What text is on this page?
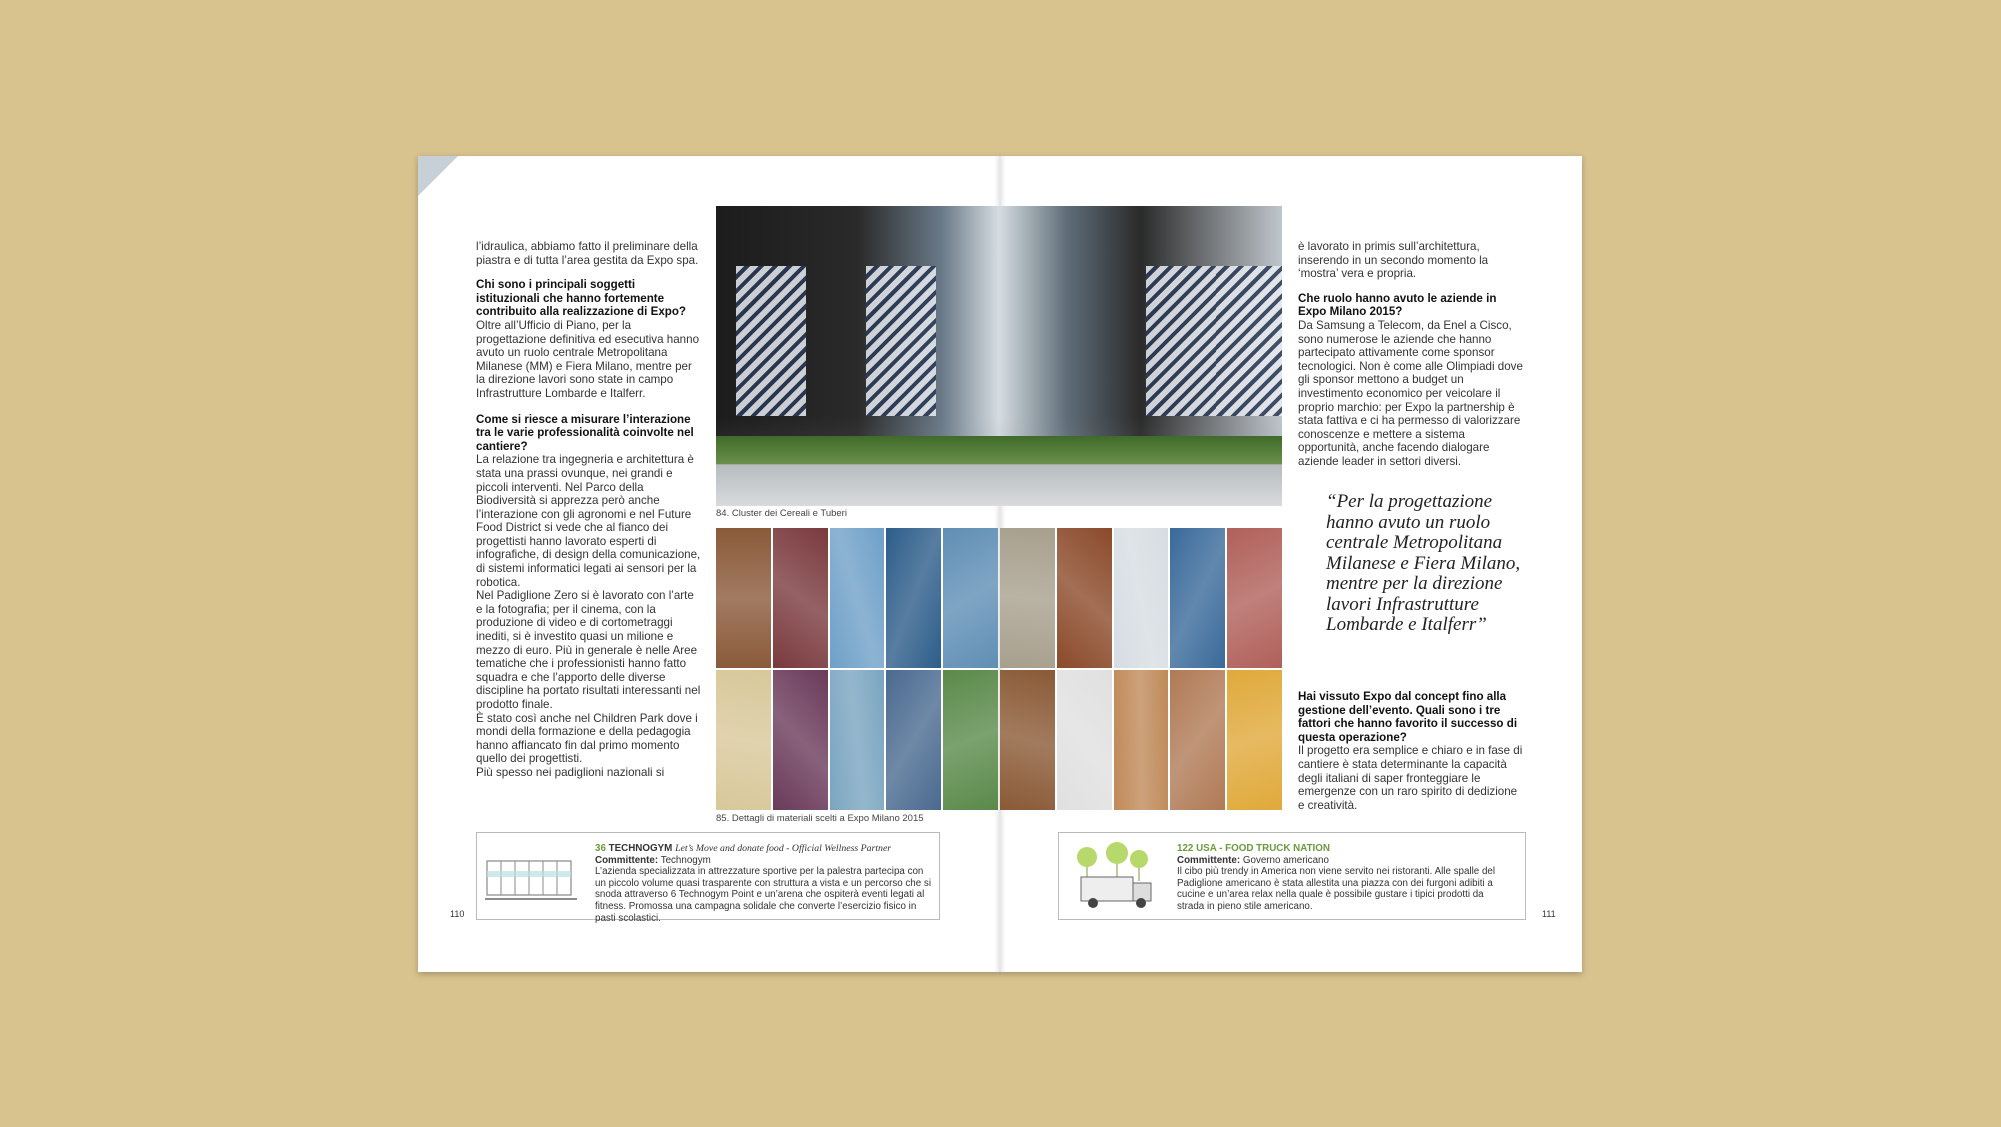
l’idraulica, abbiamo fatto il preliminare della piastra e di tutta l’area gestita da Expo spa.

Chi sono i principali soggetti istituzionali che hanno fortemente contribuito alla realizzazione di Expo?

Oltre all’Ufficio di Piano, per la progettazione definitiva ed esecutiva hanno avuto un ruolo centrale Metropolitana Milanese (MM) e Fiera Milano, mentre per la direzione lavori sono state in campo Infrastrutture Lombarde e Italferr.

Come si riesce a misurare l’interazione tra le varie professionalità coinvolte nel cantiere?
La relazione tra ingegneria e architettura è stata una prassi ovunque, nei grandi e piccoli interventi. Nel Parco della Biodiversità si apprezza però anche l’interazione con gli agronomi e nel Future Food District si vede che al fianco dei progettisti hanno lavorato esperti di infografiche, di design della comunicazione, di sistemi informatici legati ai sensori per la robotica.
Nel Padiglione Zero si è lavorato con l’arte e la fotografia; per il cinema, con la produzione di video e di cortometraggi inediti, si è investito quasi un milione e mezzo di euro. Più in generale è nelle Aree tematiche che i professionisti hanno fatto squadra e che l’apporto delle diverse discipline ha portato risultati interessanti nel prodotto finale.
È stato così anche nel Children Park dove i mondi della formazione e della pedagogia hanno affiancato fin dal primo momento quello dei progettisti.
Più spesso nei padiglioni nazionali si
84. Cluster dei Cereali e Tuberi
85. Dettagli di materiali scelti a Expo Milano 2015

è lavorato in primis sull’architettura, inserendo in un secondo momento la ‘mostra’ vera e propria.

Che ruolo hanno avuto le aziende in Expo Milano 2015?

Da Samsung a Telecom, da Enel a Cisco, sono numerose le aziende che hanno partecipato attivamente come sponsor tecnologici. Non è come alle Olimpiadi dove gli sponsor mettono a budget un investimento economico per veicolare il proprio marchio: per Expo la partnership è stata fattiva e ci ha permesso di valorizzare conoscenze e mettere a sistema opportunità, anche facendo dialogare aziende leader in settori diversi.

“Per la progettazione hanno avuto un ruolo centrale Metropolitana Milanese e Fiera Milano, mentre per la direzione lavori Infrastrutture Lombarde e Italferr”
Hai vissuto Expo dal concept fino alla gestione dell’evento. Quali sono i tre fattori che hanno favorito il successo di questa operazione?

Il progetto era semplice e chiaro e in fase di cantiere è stata determinante la capacità degli italiani di saper fronteggiare le emergenze con un raro spirito di dedizione e creatività.

36 TECHNOGYM Let’s Move and donate food - Official Wellness Partner
Committente: Technogym
L’azienda specializzata in attrezzature sportive per la palestra partecipa con un piccolo volume quasi trasparente con struttura a vista e un percorso che si snoda attraverso 6 Technogym Point e un’arena che ospiterà eventi legati al fitness. Promossa una campagna solidale che converte l’esercizio fisico in pasti scolastici.
122 USA - FOOD TRUCK NATION
Committente: Governo americano
Il cibo più trendy in America non viene servito nei ristoranti. Alle spalle del Padiglione americano è stata allestita una piazza con dei furgoni adibiti a cucine e un’area relax nella quale è possibile gustare i tipici prodotti da strada in pieno stile americano.
110	111
